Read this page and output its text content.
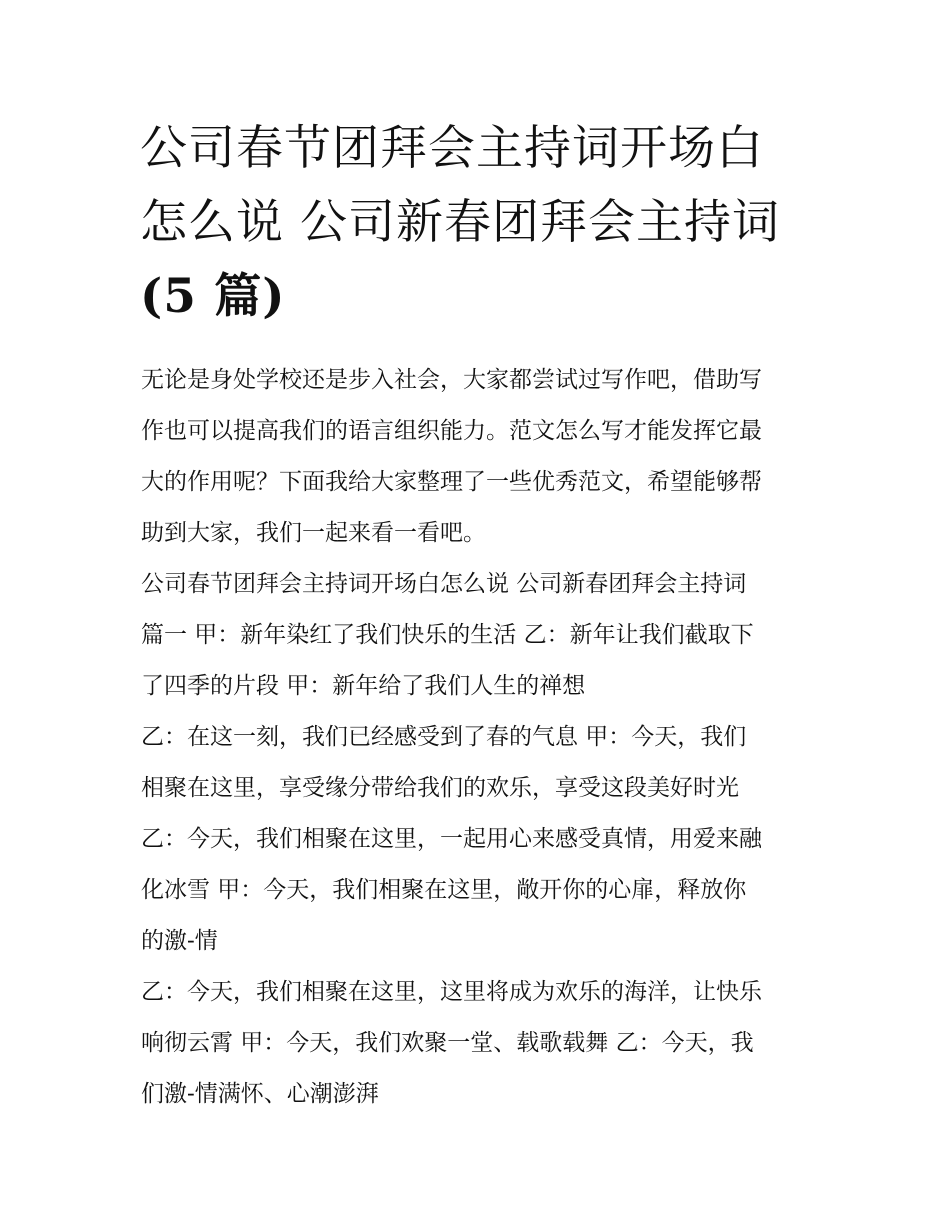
公司春节团拜会主持词开场白
怎么说 公司新春团拜会主持词
(5 篇)
无论是身处学校还是步入社会，大家都尝试过写作吧，借助写
作也可以提高我们的语言组织能力。范文怎么写才能发挥它最
大的作用呢？下面我给大家整理了一些优秀范文，希望能够帮
助到大家，我们一起来看一看吧。
公司春节团拜会主持词开场白怎么说 公司新春团拜会主持词
篇一 甲：新年染红了我们快乐的生活 乙：新年让我们截取下
了四季的片段 甲：新年给了我们人生的禅想
乙：在这一刻，我们已经感受到了春的气息 甲：今天，我们
相聚在这里，享受缘分带给我们的欢乐，享受这段美好时光
乙：今天，我们相聚在这里，一起用心来感受真情，用爱来融
化冰雪 甲：今天，我们相聚在这里，敞开你的心扉，释放你
的激-情
乙：今天，我们相聚在这里，这里将成为欢乐的海洋，让快乐
响彻云霄 甲：今天，我们欢聚一堂、载歌载舞 乙：今天，我
们激-情满怀、心潮澎湃
